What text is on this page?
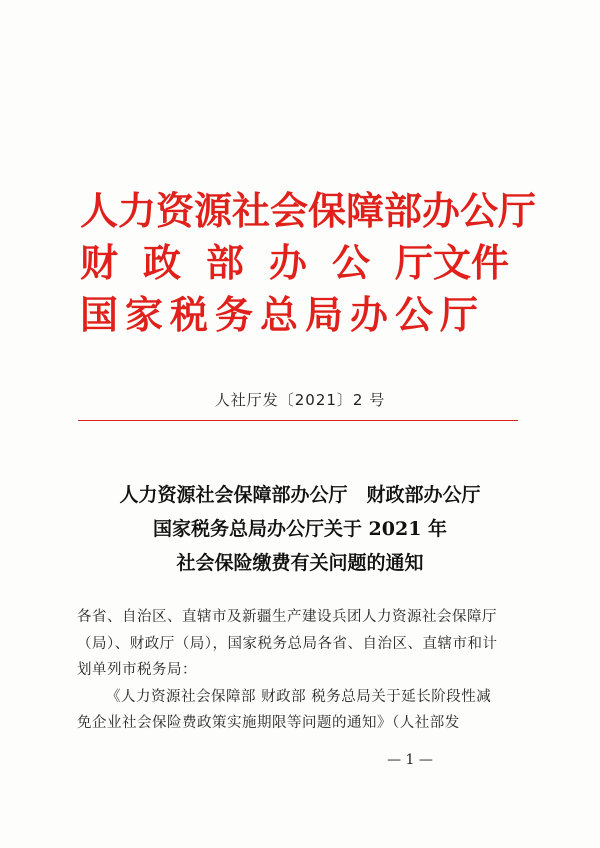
人力资源社会保障部办公厅
财 政 部 办 公 厅文件
国 家 税 务 总 局 办 公 厅
人社厅发〔2021〕2 号
人力资源社会保障部办公厅　财政部办公厅
国家税务总局办公厅关于 2021 年
社会保险缴费有关问题的通知

各省、自治区、直辖市及新疆生产建设兵团人力资源社会保障厅

（局）、财政厅（局），国家税务总局各省、自治区、直辖市和计

划单列市税务局：

《人力资源社会保障部 财政部 税务总局关于延长阶段性减

免企业社会保险费政策实施期限等问题的通知》（人社部发

— 1 —
